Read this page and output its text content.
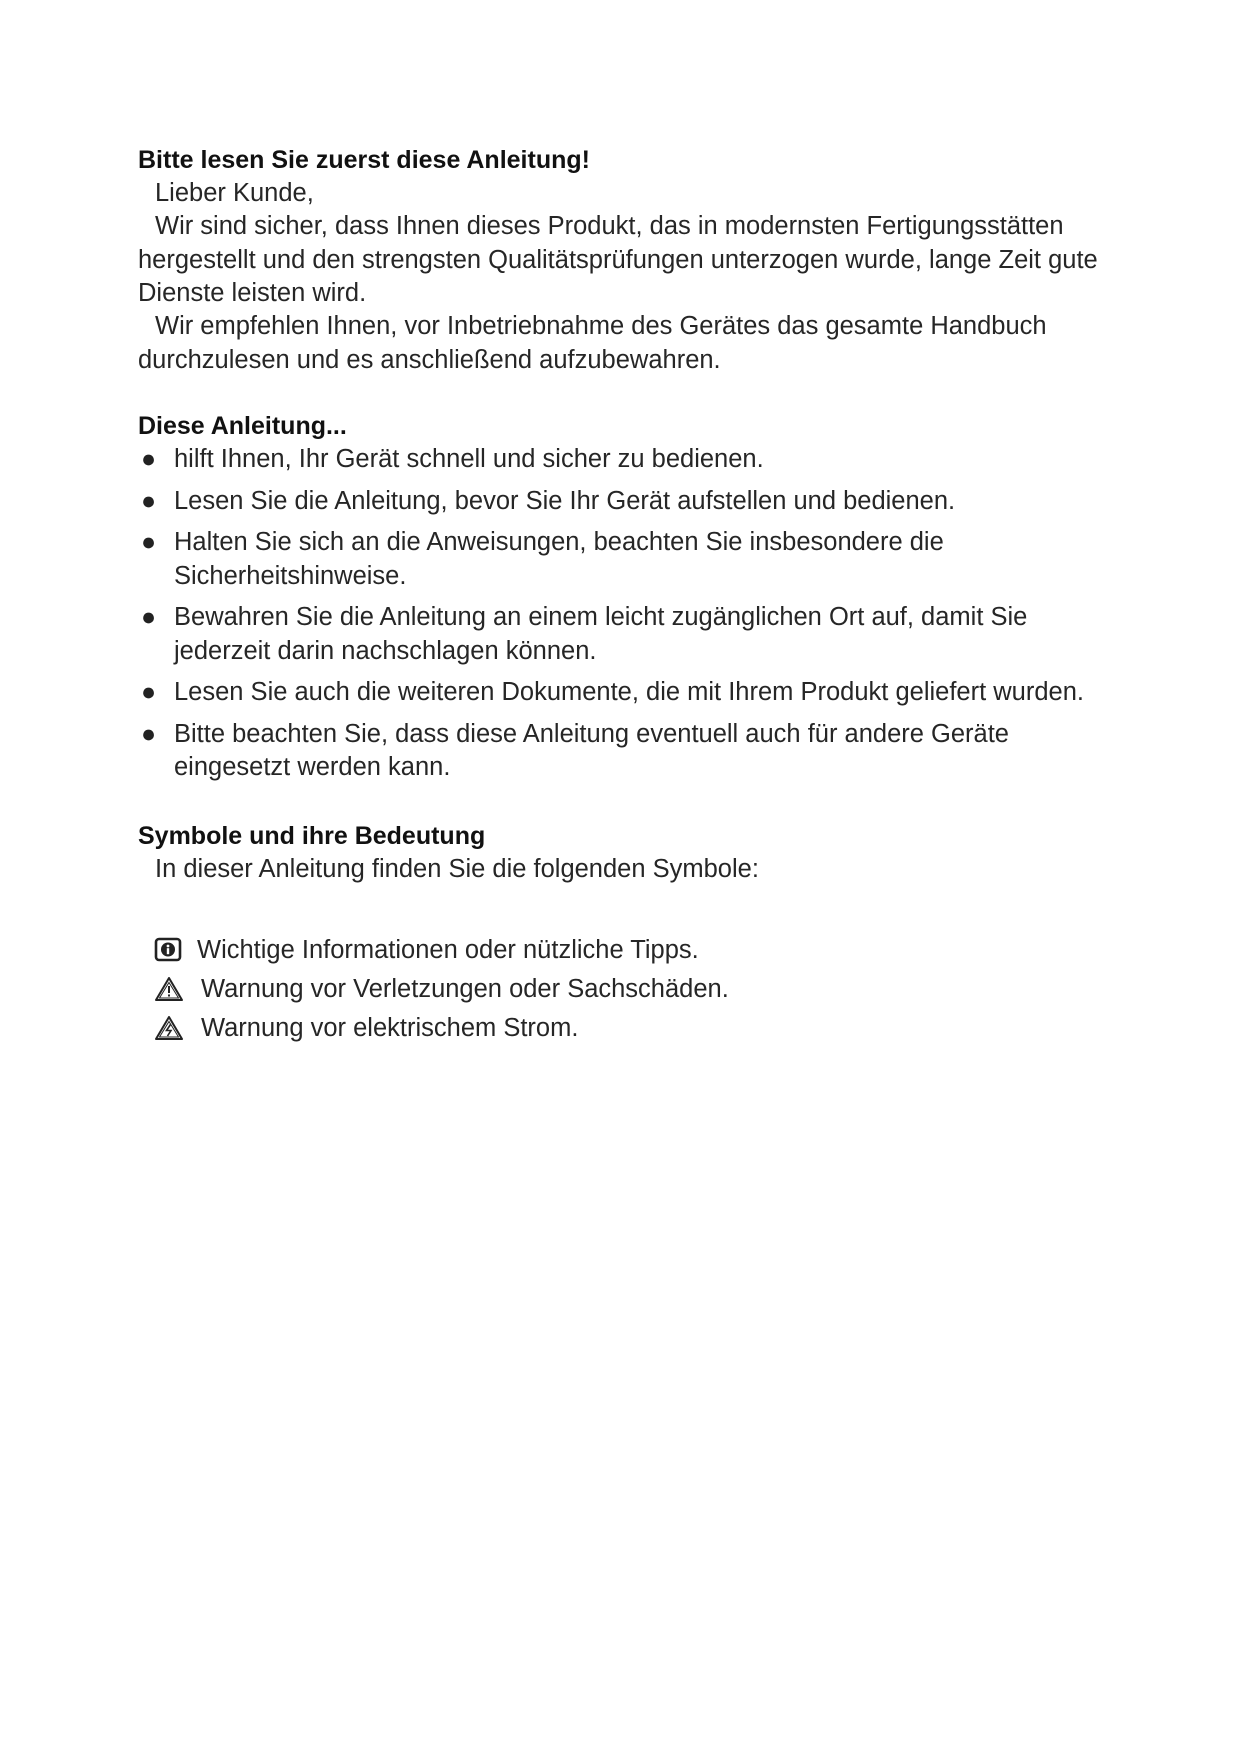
Bitte lesen Sie zuerst diese Anleitung!
Lieber Kunde,
Wir sind sicher, dass Ihnen dieses Produkt, das in modernsten Fertigungsstätten hergestellt und den strengsten Qualitätsprüfungen unterzogen wurde, lange Zeit gute Dienste leisten wird.
Wir empfehlen Ihnen, vor Inbetriebnahme des Gerätes das gesamte Handbuch durchzulesen und es anschließend aufzubewahren.
Diese Anleitung...
● hilft Ihnen, Ihr Gerät schnell und sicher zu bedienen.
● Lesen Sie die Anleitung, bevor Sie Ihr Gerät aufstellen und bedienen.
● Halten Sie sich an die Anweisungen, beachten Sie insbesondere die Sicherheitshinweise.
● Bewahren Sie die Anleitung an einem leicht zugänglichen Ort auf, damit Sie jederzeit darin nachschlagen können.
● Lesen Sie auch die weiteren Dokumente, die mit Ihrem Produkt geliefert wurden.
● Bitte beachten Sie, dass diese Anleitung eventuell auch für andere Geräte eingesetzt werden kann.
Symbole und ihre Bedeutung
In dieser Anleitung finden Sie die folgenden Symbole:
Wichtige Informationen oder nützliche Tipps.
Warnung vor Verletzungen oder Sachschäden.
Warnung vor elektrischem Strom.
